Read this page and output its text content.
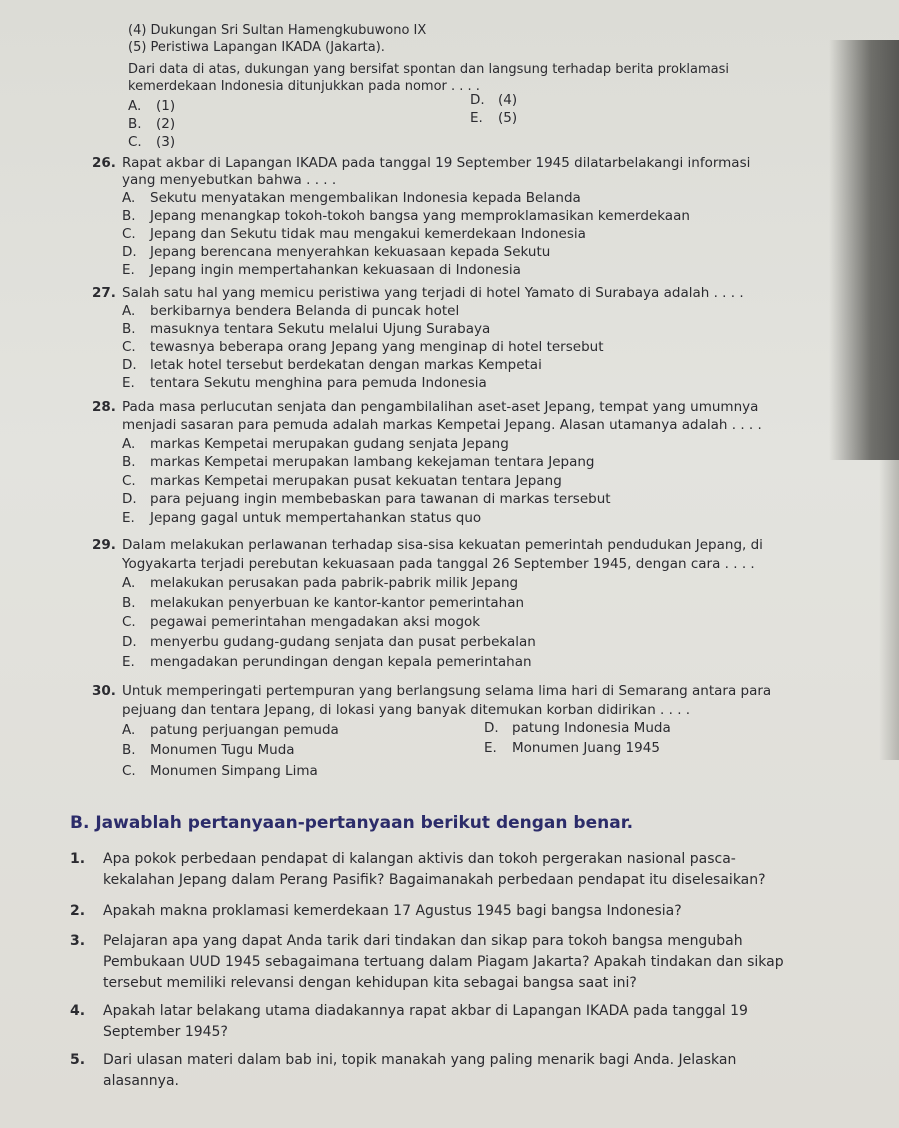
(4) Dukungan Sri Sultan Hamengkubuwono IX
(5) Peristiwa Lapangan IKADA (Jakarta).
Dari data di atas, dukungan yang bersifat spontan dan langsung terhadap berita proklamasi
kemerdekaan Indonesia ditunjukkan pada nomor . . . .
A. (1)
B. (2)
C. (3)
D. (4)
E. (5)
26. Rapat akbar di Lapangan IKADA pada tanggal 19 September 1945 dilatarbelakangi informasi
yang menyebutkan bahwa . . . .
A. Sekutu menyatakan mengembalikan Indonesia kepada Belanda
B. Jepang menangkap tokoh-tokoh bangsa yang memproklamasikan kemerdekaan
C. Jepang dan Sekutu tidak mau mengakui kemerdekaan Indonesia
D. Jepang berencana menyerahkan kekuasaan kepada Sekutu
E. Jepang ingin mempertahankan kekuasaan di Indonesia
27. Salah satu hal yang memicu peristiwa yang terjadi di hotel Yamato di Surabaya adalah . . . .
A. berkibarnya bendera Belanda di puncak hotel
B. masuknya tentara Sekutu melalui Ujung Surabaya
C. tewasnya beberapa orang Jepang yang menginap di hotel tersebut
D. letak hotel tersebut berdekatan dengan markas Kempetai
E. tentara Sekutu menghina para pemuda Indonesia
28. Pada masa perlucutan senjata dan pengambilalihan aset-aset Jepang, tempat yang umumnya
menjadi sasaran para pemuda adalah markas Kempetai Jepang. Alasan utamanya adalah . . . .
A. markas Kempetai merupakan gudang senjata Jepang
B. markas Kempetai merupakan lambang kekejaman tentara Jepang
C. markas Kempetai merupakan pusat kekuatan tentara Jepang
D. para pejuang ingin membebaskan para tawanan di markas tersebut
E. Jepang gagal untuk mempertahankan status quo
29. Dalam melakukan perlawanan terhadap sisa-sisa kekuatan pemerintah pendudukan Jepang, di
Yogyakarta terjadi perebutan kekuasaan pada tanggal 26 September 1945, dengan cara . . . .
A. melakukan perusakan pada pabrik-pabrik milik Jepang
B. melakukan penyerbuan ke kantor-kantor pemerintahan
C. pegawai pemerintahan mengadakan aksi mogok
D. menyerbu gudang-gudang senjata dan pusat perbekalan
E. mengadakan perundingan dengan kepala pemerintahan
30. Untuk memperingati pertempuran yang berlangsung selama lima hari di Semarang antara para
pejuang dan tentara Jepang, di lokasi yang banyak ditemukan korban didirikan . . . .
A. patung perjuangan pemuda
B. Monumen Tugu Muda
C. Monumen Simpang Lima
D. patung Indonesia Muda
E. Monumen Juang 1945
B. Jawablah pertanyaan-pertanyaan berikut dengan benar.
1. Apa pokok perbedaan pendapat di kalangan aktivis dan tokoh pergerakan nasional pasca-
kekalahan Jepang dalam Perang Pasifik? Bagaimanakah perbedaan pendapat itu diselesaikan?
2. Apakah makna proklamasi kemerdekaan 17 Agustus 1945 bagi bangsa Indonesia?
3. Pelajaran apa yang dapat Anda tarik dari tindakan dan sikap para tokoh bangsa mengubah
Pembukaan UUD 1945 sebagaimana tertuang dalam Piagam Jakarta? Apakah tindakan dan sikap
tersebut memiliki relevansi dengan kehidupan kita sebagai bangsa saat ini?
4. Apakah latar belakang utama diadakannya rapat akbar di Lapangan IKADA pada tanggal 19
September 1945?
5. Dari ulasan materi dalam bab ini, topik manakah yang paling menarik bagi Anda. Jelaskan
alasannya.
